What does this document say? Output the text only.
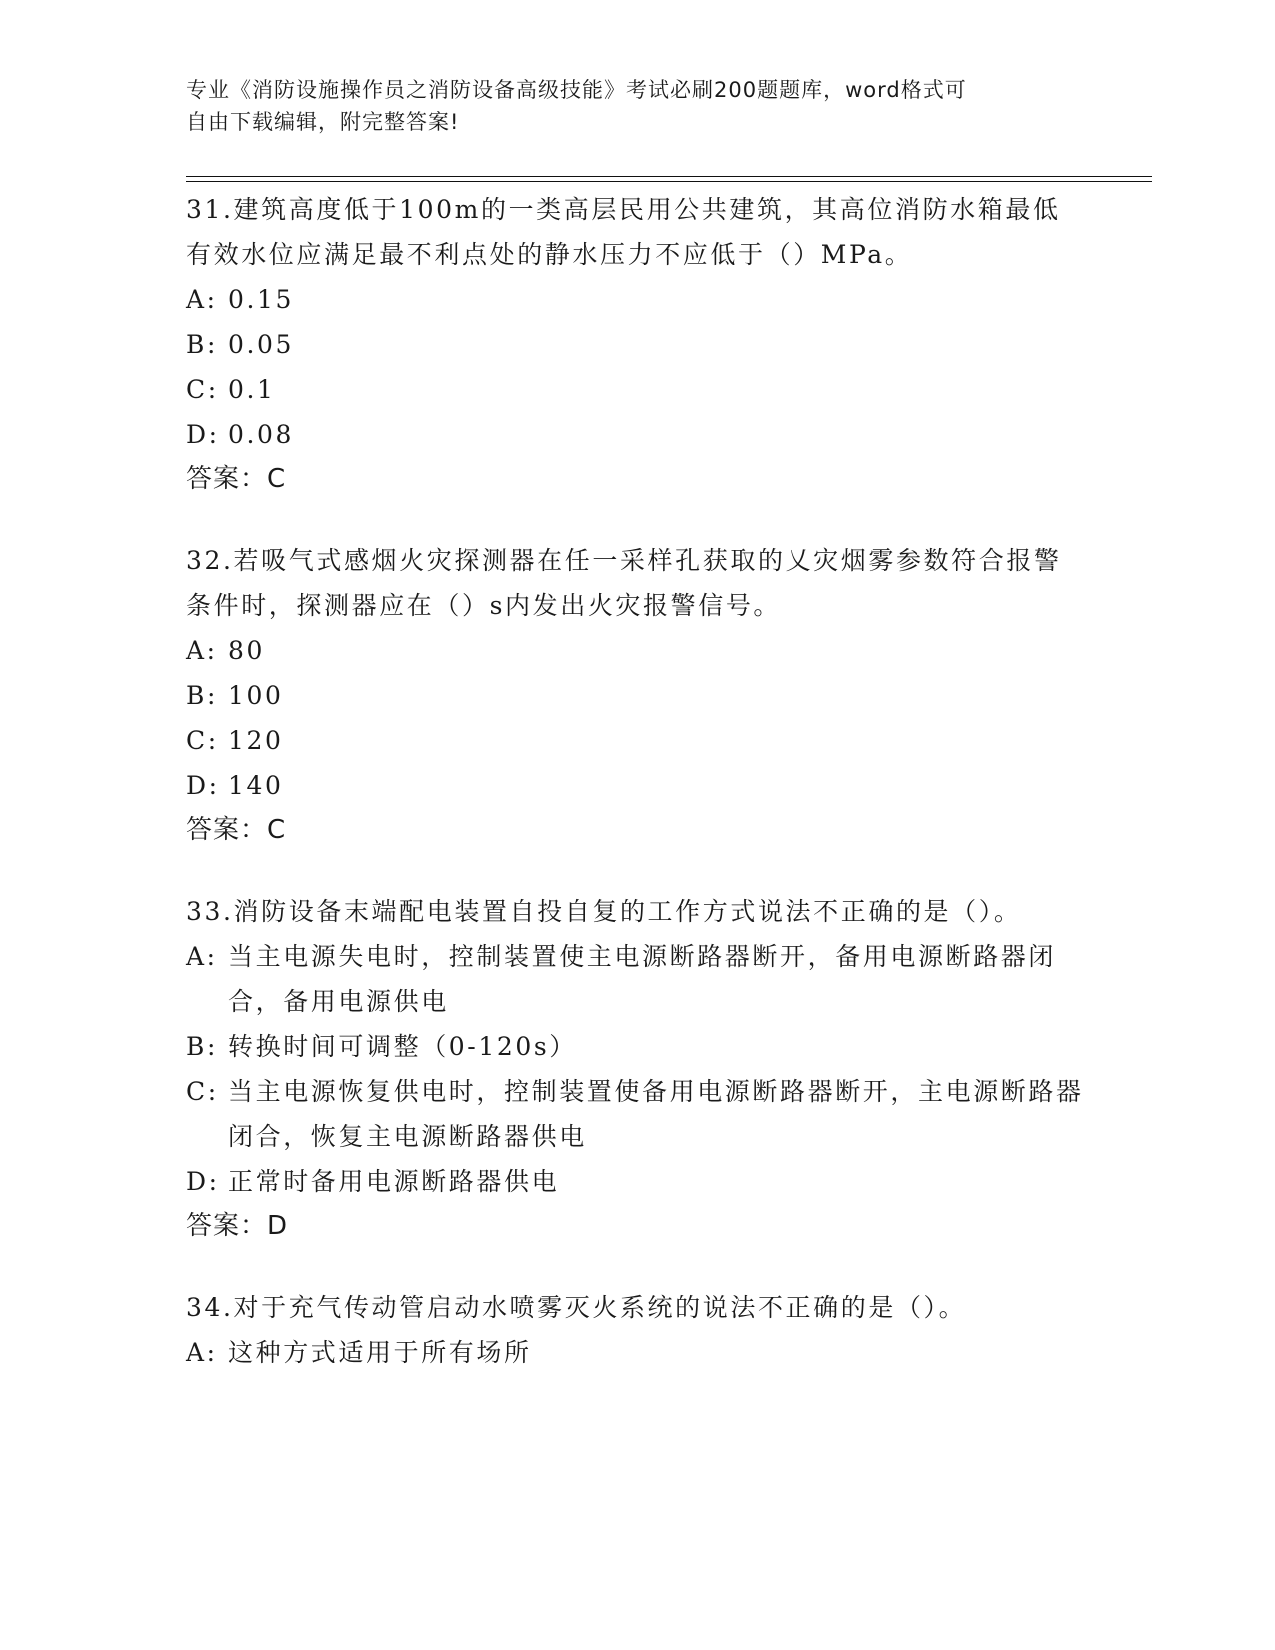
专业《消防设施操作员之消防设备高级技能》考试必刷200题题库，word格式可
自由下载编辑，附完整答案!

31.建筑高度低于100m的一类高层民用公共建筑，其高位消防水箱最低有效水位应满足最不利点处的静水压力不应低于（）MPa。

A: 0.15
B: 0.05
C: 0.1
D: 0.08

答案：C

32.若吸气式感烟火灾探测器在任一采样孔获取的乂灾烟雾参数符合报警条件时，探测器应在（）s内发出火灾报警信号。

A: 80
B: 100
C: 120
D: 140

答案：C

33.消防设备末端配电装置自投自复的工作方式说法不正确的是（）。

A: 当主电源失电时，控制装置使主电源断路器断开，备用电源断路器闭合，备用电源供电
B: 转换时间可调整（0-120s）
C: 当主电源恢复供电时，控制装置使备用电源断路器断开，主电源断路器闭合，恢复主电源断路器供电
D: 正常时备用电源断路器供电

答案：D

34.对于充气传动管启动水喷雾灭火系统的说法不正确的是（）。

A: 这种方式适用于所有场所
